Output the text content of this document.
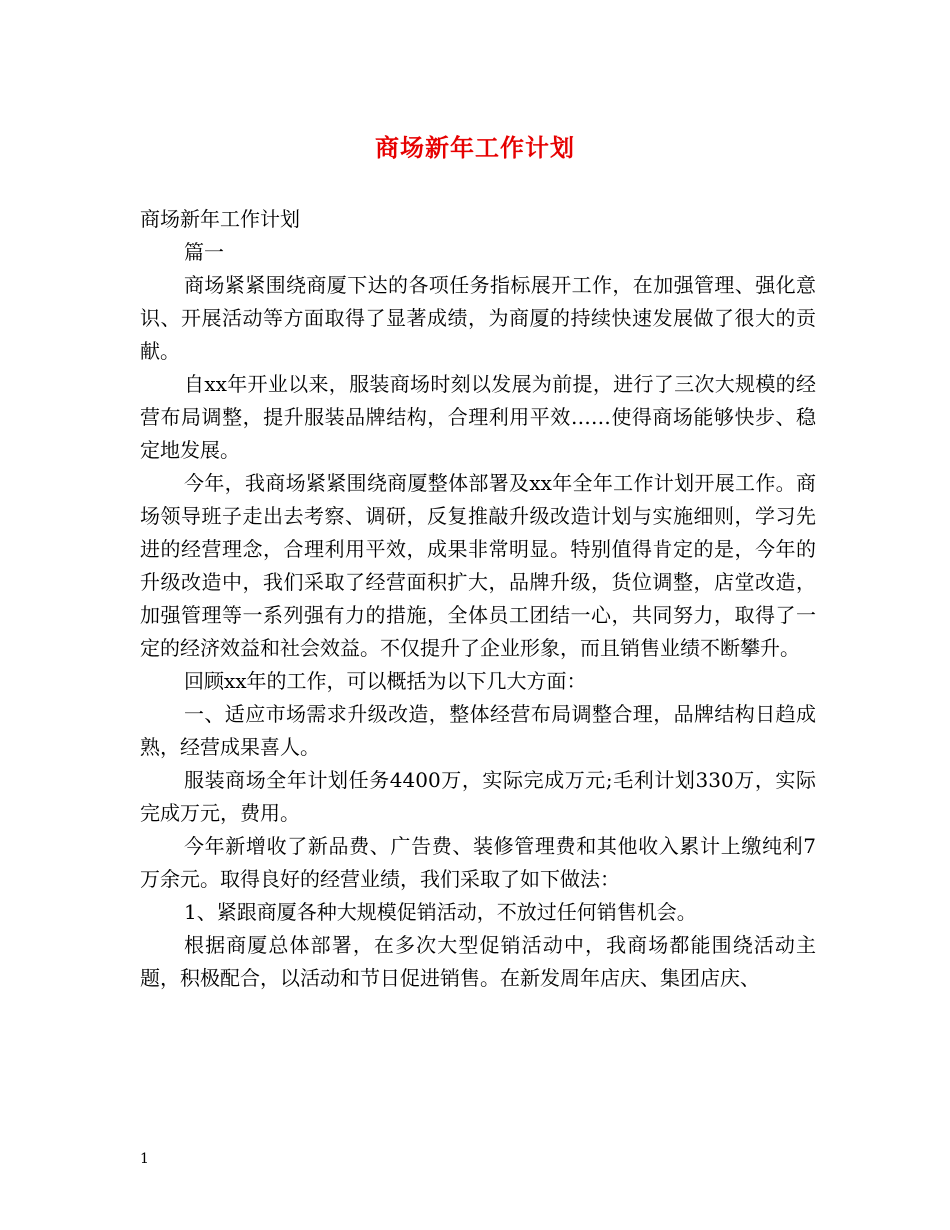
商场新年工作计划

商场新年工作计划

篇一

商场紧紧围绕商厦下达的各项任务指标展开工作，在加强管理、强化意识、开展活动等方面取得了显著成绩，为商厦的持续快速发展做了很大的贡献。

自xx年开业以来，服装商场时刻以发展为前提，进行了三次大规模的经营布局调整，提升服装品牌结构，合理利用平效……使得商场能够快步、稳定地发展。

今年，我商场紧紧围绕商厦整体部署及xx年全年工作计划开展工作。商场领导班子走出去考察、调研，反复推敲升级改造计划与实施细则，学习先进的经营理念，合理利用平效，成果非常明显。特别值得肯定的是，今年的升级改造中，我们采取了经营面积扩大，品牌升级，货位调整，店堂改造，加强管理等一系列强有力的措施，全体员工团结一心，共同努力，取得了一定的经济效益和社会效益。不仅提升了企业形象，而且销售业绩不断攀升。

回顾xx年的工作，可以概括为以下几大方面：

一、适应市场需求升级改造，整体经营布局调整合理，品牌结构日趋成熟，经营成果喜人。

服装商场全年计划任务4400万，实际完成万元;毛利计划330万，实际完成万元，费用。

今年新增收了新品费、广告费、装修管理费和其他收入累计上缴纯利7万余元。取得良好的经营业绩，我们采取了如下做法：

1、紧跟商厦各种大规模促销活动，不放过任何销售机会。

根据商厦总体部署，在多次大型促销活动中，我商场都能围绕活动主题，积极配合，以活动和节日促进销售。在新发周年店庆、集团店庆、

1
